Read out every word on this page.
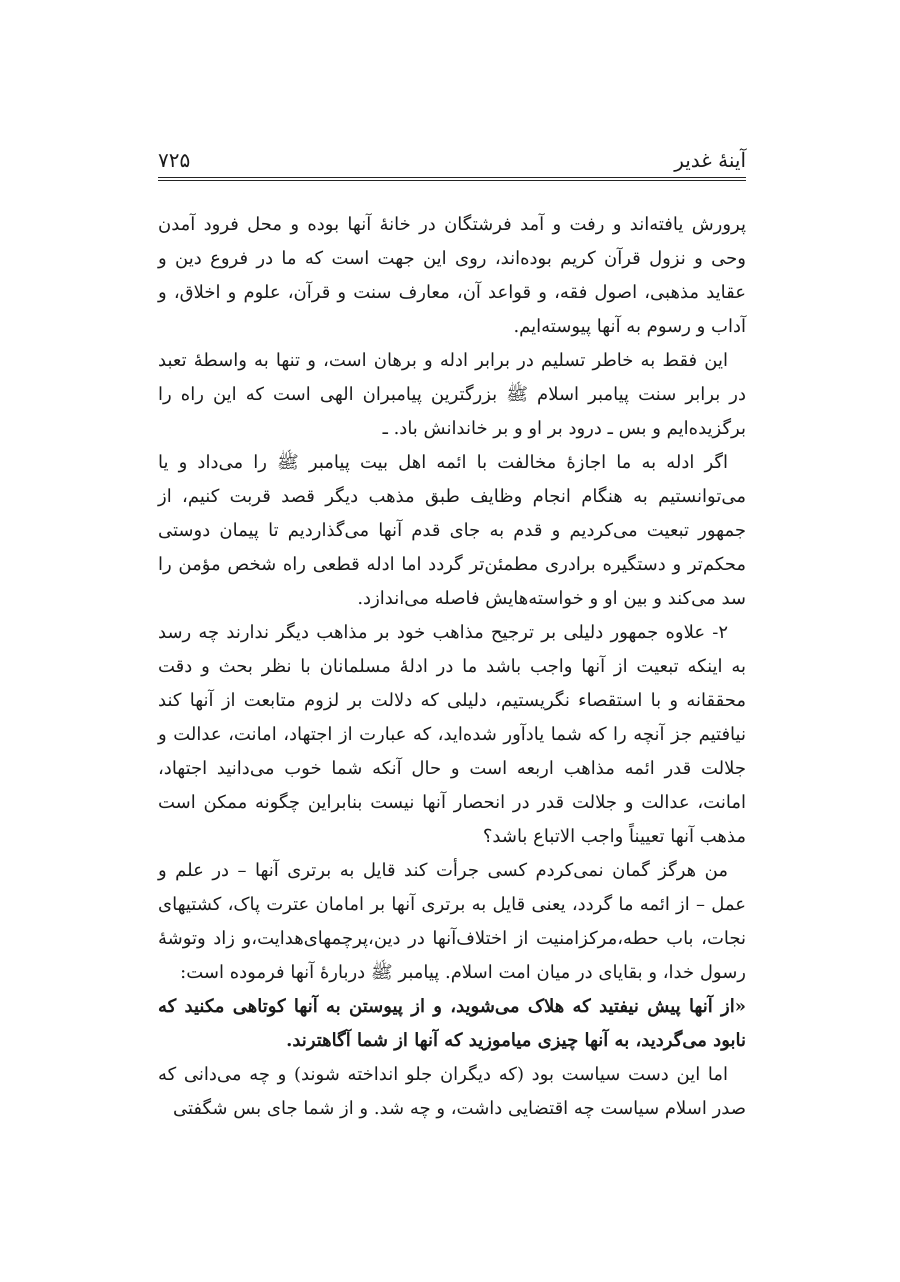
آینهٔ غدیر
۷۲۵

پرورش یافته‌اند و رفت و آمد فرشتگان در خانهٔ آنها بوده و محل فرود آمدن وحی و نزول قرآن کریم بوده‌اند، روی این جهت است که ما در فروع دین و عقاید مذهبی، اصول فقه، و قواعد آن، معارف سنت و قرآن، علوم و اخلاق، و آداب و رسوم به آنها پیوسته‌ایم.

این فقط به خاطر تسلیم در برابر ادله و برهان است، و تنها به واسطهٔ تعبد در برابر سنت پیامبر اسلام ﷺ بزرگترین پیامبران الهی است که این راه را برگزیده‌ایم و بس ـ درود بر او و بر خاندانش باد. ـ

اگر ادله به ما اجازهٔ مخالفت با ائمه اهل بیت پیامبر ﷺ را می‌داد و یا می‌توانستیم به هنگام انجام وظایف طبق مذهب دیگر قصد قربت کنیم، از جمهور تبعیت می‌کردیم و قدم به جای قدم آنها می‌گذاردیم تا پیمان دوستی محکم‌تر و دستگیره برادری مطمئن‌تر گردد اما ادله قطعی راه شخص مؤمن را سد می‌کند و بین او و خواسته‌هایش فاصله می‌اندازد.

۲- علاوه جمهور دلیلی بر ترجیح مذاهب خود بر مذاهب دیگر ندارند چه رسد به اینکه تبعیت از آنها واجب باشد ما در ادلهٔ مسلمانان با نظر بحث و دقت محققانه و با استقصاء نگریستیم، دلیلی که دلالت بر لزوم متابعت از آنها کند نیافتیم جز آنچه را که شما یادآور شده‌اید، که عبارت از اجتهاد، امانت، عدالت و جلالت قدر ائمه مذاهب اربعه است و حال آنکه شما خوب می‌دانید اجتهاد، امانت، عدالت و جلالت قدر در انحصار آنها نیست بنابراین چگونه ممکن است مذهب آنها تعییناً واجب الاتباع باشد؟

من هرگز گمان نمی‌کردم کسی جرأت کند قایل به برتری آنها – در علم و عمل – از ائمه ما گردد، یعنی قایل به برتری آنها بر امامان عترت پاک، کشتیهای نجات، باب حطه،مرکزامنیت از اختلاف‌آنها در دین،پرچمهای‌هدایت،و زاد وتوشهٔ رسول خدا، و بقایای در میان امت اسلام. پیامبر ﷺ دربارهٔ آنها فرموده است:

«از آنها پیش نیفتید که هلاک می‌شوید، و از پیوستن به آنها کوتاهی مکنید که نابود می‌گردید، به آنها چیزی میاموزید که آنها از شما آگاهترند.

اما این دست سیاست بود (که دیگران جلو انداخته شوند) و چه می‌دانی که صدر اسلام سیاست چه اقتضایی داشت، و چه شد. و از شما جای بس شگفتی
